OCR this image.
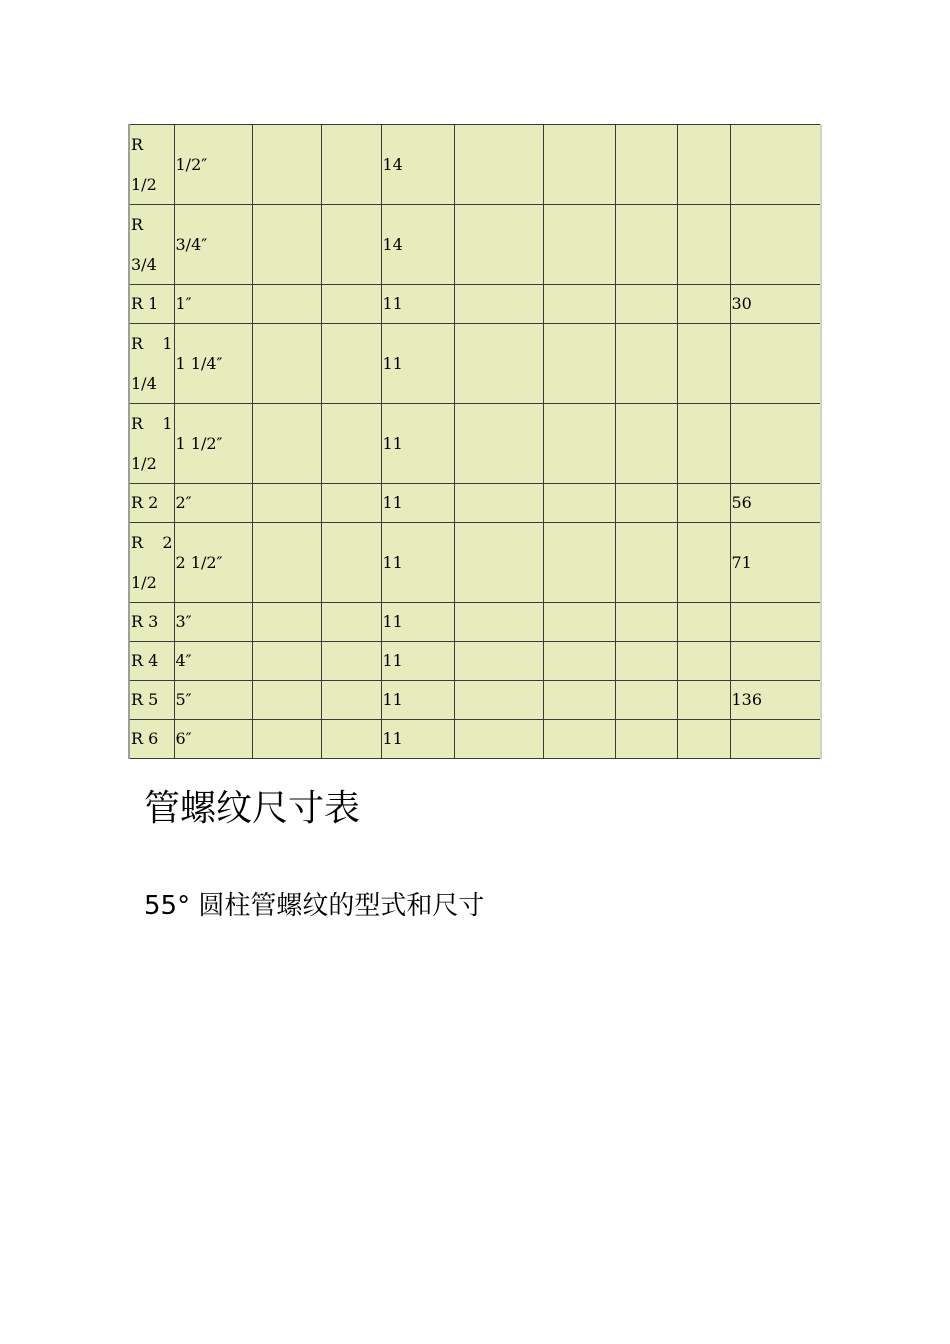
R
1/2	1/2″			14					

R
3/4	3/4″			14					
R 1	1″			11					30

R 1
1/4	1 1/4″			11					

R 1
1/2	1 1/2″			11					
R 2	2″			11					56

R 2
1/2	2 1/2″			11					71
R 3	3″			11					
R 4	4″			11					
R 5	5″			11					136
R 6	6″			11					
管螺纹尺寸表
55° 圆柱管螺纹的型式和尺寸
